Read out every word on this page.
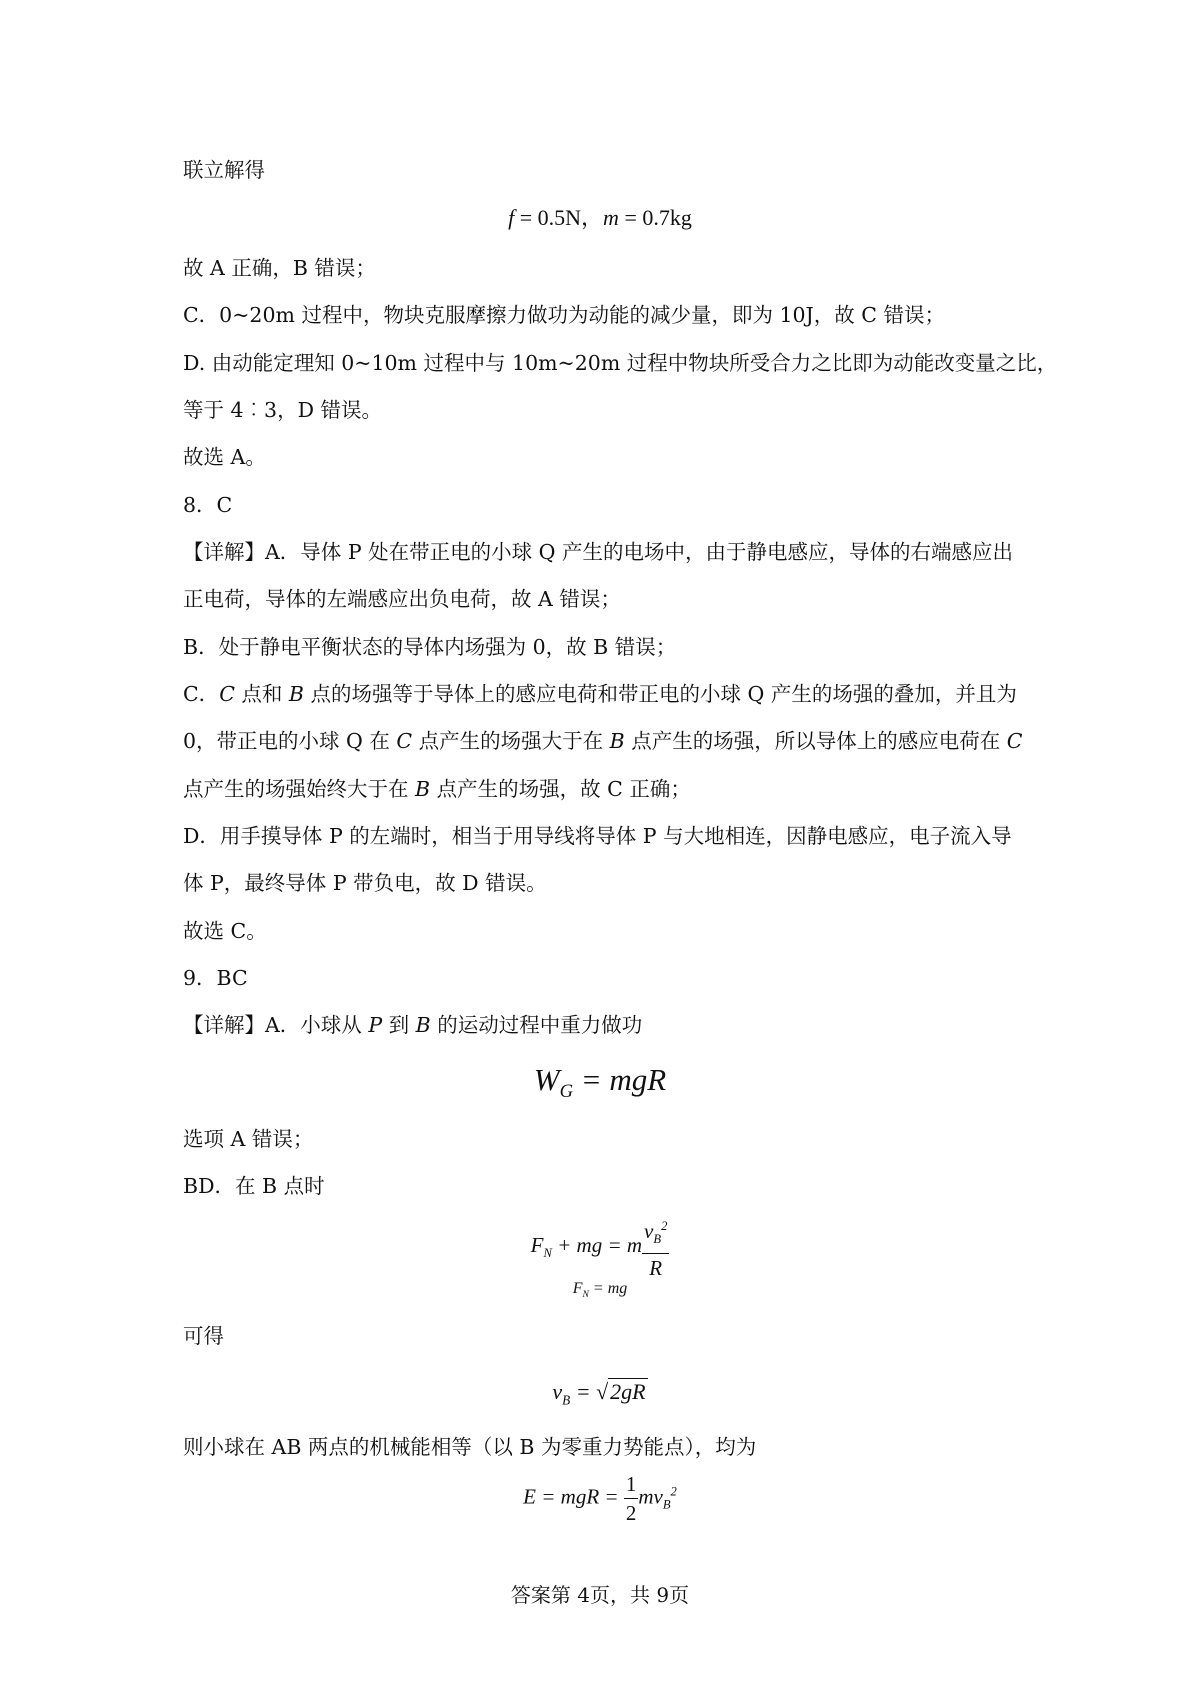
联立解得
f = 0.5N，m = 0.7kg
故 A 正确，B 错误；
C．0~20m 过程中，物块克服摩擦力做功为动能的减少量，即为 10J，故 C 错误；
D. 由动能定理知 0~10m 过程中与 10m~20m 过程中物块所受合力之比即为动能改变量之比，
等于 4︰3，D 错误。
故选 A。
8．C
【详解】A．导体 P 处在带正电的小球 Q 产生的电场中，由于静电感应，导体的右端感应出
正电荷，导体的左端感应出负电荷，故 A 错误；
B．处于静电平衡状态的导体内场强为 0，故 B 错误；
C．C 点和 B 点的场强等于导体上的感应电荷和带正电的小球 Q 产生的场强的叠加，并且为
0，带正电的小球 Q 在 C 点产生的场强大于在 B 点产生的场强，所以导体上的感应电荷在 C
点产生的场强始终大于在 B 点产生的场强，故 C 正确；
D．用手摸导体 P 的左端时，相当于用导线将导体 P 与大地相连，因静电感应，电子流入导
体 P，最终导体 P 带负电，故 D 错误。
故选 C。
9．BC
【详解】A．小球从 P 到 B 的运动过程中重力做功
$W_G$ = mgR
选项 A 错误；
BD．在 B 点时
$F_N$ + mg = m $\frac{v_B^2}{R}$
$F_N$ = mg
可得
$v_B = √2gR$
则小球在 AB 两点的机械能相等（以 B 为零重力势能点），均为
E = mgR = $\frac{1}{2} mv_B^2$
答案第 4页，共 9页
